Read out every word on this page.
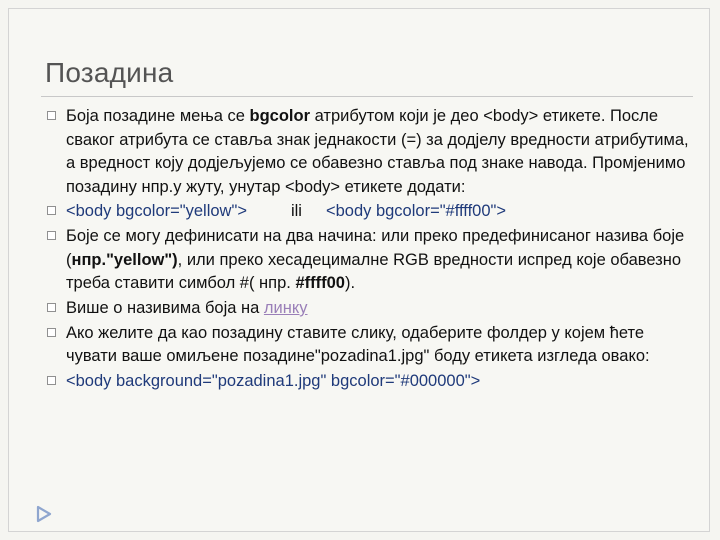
Позадина
Боја позадине мења се bgcolor атрибутом који је део <body> етикете. После сваког атрибута се ставља знак једнакости (=) за додјелу вредности атрибутима, а вредност коју додјељујемо се обавезно ставља под знаке навода. Промјенимо позадину нпр.у жуту, унутар <body> етикете додати:
<body bgcolor="yellow">	ili <body bgcolor="#ffff00">
Боје се могу дефинисати на два начина: или преко предефинисаног назива боје (нпр."yellow"), или преко хесадецималне RGB вредности испред које обавезно треба ставити симбол #( нпр. #ffff00).
Више о називима боја на линку
Ако желите да као позадину ставите слику, одаберите фолдер у којем ћете чувати ваше омиљене позадине"pozadina1.jpg" боду етикета изгледа овако:
<body background="pozadina1.jpg" bgcolor="#000000">
